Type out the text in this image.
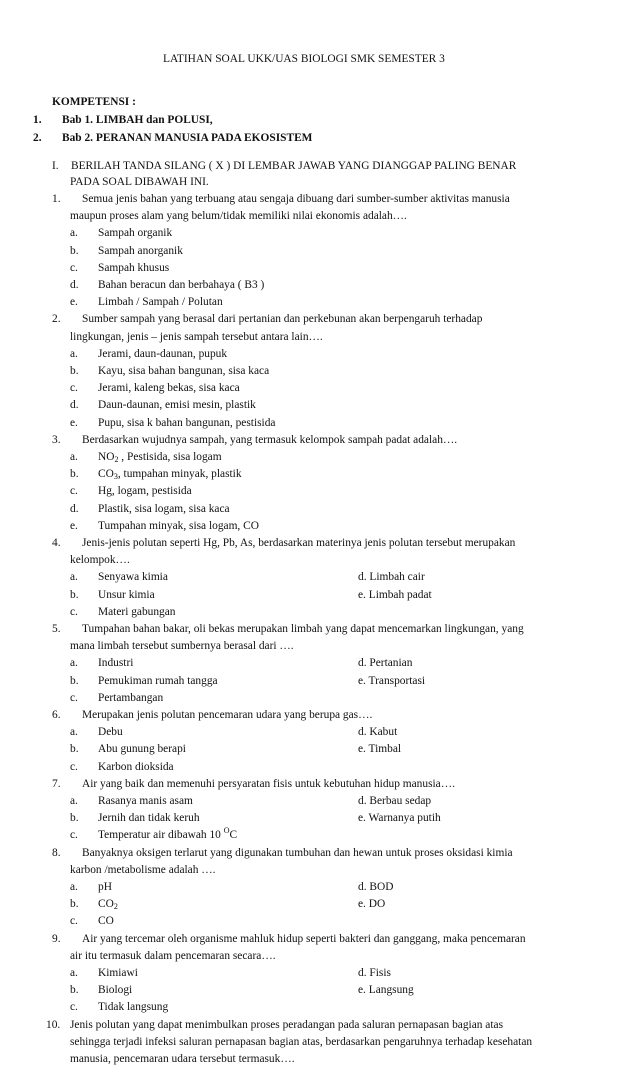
LATIHAN SOAL UKK/UAS BIOLOGI SMK SEMESTER 3
KOMPETENSI :
1. Bab 1. LIMBAH dan POLUSI,
2. Bab 2. PERANAN MANUSIA PADA EKOSISTEM
I. BERILAH TANDA SILANG ( X ) DI LEMBAR JAWAB YANG DIANGGAP PALING BENAR
PADA SOAL DIBAWAH INI.
1. Semua jenis bahan yang terbuang atau sengaja dibuang dari sumber-sumber aktivitas manusia
maupun proses alam yang belum/tidak memiliki nilai ekonomis adalah….
a. Sampah organik
b. Sampah anorganik
c. Sampah khusus
d. Bahan beracun dan berbahaya ( B3 )
e. Limbah / Sampah / Polutan
2. Sumber sampah yang berasal dari pertanian dan perkebunan akan berpengaruh terhadap
lingkungan, jenis – jenis sampah tersebut antara lain….
a. Jerami, daun-daunan, pupuk
b. Kayu, sisa bahan bangunan, sisa kaca
c. Jerami, kaleng bekas, sisa kaca
d. Daun-daunan, emisi mesin, plastik
e. Pupu, sisa k bahan bangunan, pestisida
3. Berdasarkan wujudnya sampah, yang termasuk kelompok sampah padat adalah….
a. $NO_2$ , Pestisida, sisa logam
b. $CO_3$, tumpahan minyak, plastik
c. Hg, logam, pestisida
d. Plastik, sisa logam, sisa kaca
e. Tumpahan minyak, sisa logam, CO
4. Jenis-jenis polutan seperti Hg, Pb, As, berdasarkan materinya jenis polutan tersebut merupakan
kelompok….
a. Senyawa kimia	d. Limbah cair
b. Unsur kimia	e. Limbah padat
c. Materi gabungan
5. Tumpahan bahan bakar, oli bekas merupakan limbah yang dapat mencemarkan lingkungan, yang
mana limbah tersebut sumbernya berasal dari ….
a. Industri	d. Pertanian
b. Pemukiman rumah tangga	e. Transportasi
c. Pertambangan
6. Merupakan jenis polutan pencemaran udara yang berupa gas….
a. Debu	d. Kabut
b. Abu gunung berapi	e. Timbal
c. Karbon dioksida
7. Air yang baik dan memenuhi persyaratan fisis untuk kebutuhan hidup manusia….
a. Rasanya manis asam	d. Berbau sedap
b. Jernih dan tidak keruh	e. Warnanya putih
c. Temperatur air dibawah 10 $^O$C
8. Banyaknya oksigen terlarut yang digunakan tumbuhan dan hewan untuk proses oksidasi kimia
karbon /metabolisme adalah ….
a. pH	d. BOD
b. $CO_2$	e. DO
c. CO
9. Air yang tercemar oleh organisme mahluk hidup seperti bakteri dan ganggang, maka pencemaran
air itu termasuk dalam pencemaran secara….
a. Kimiawi	d. Fisis
b. Biologi	e. Langsung
c. Tidak langsung
10. Jenis polutan yang dapat menimbulkan proses peradangan pada saluran pernapasan bagian atas
sehingga terjadi infeksi saluran pernapasan bagian atas, berdasarkan pengaruhnya terhadap kesehatan
manusia, pencemaran udara tersebut termasuk….
